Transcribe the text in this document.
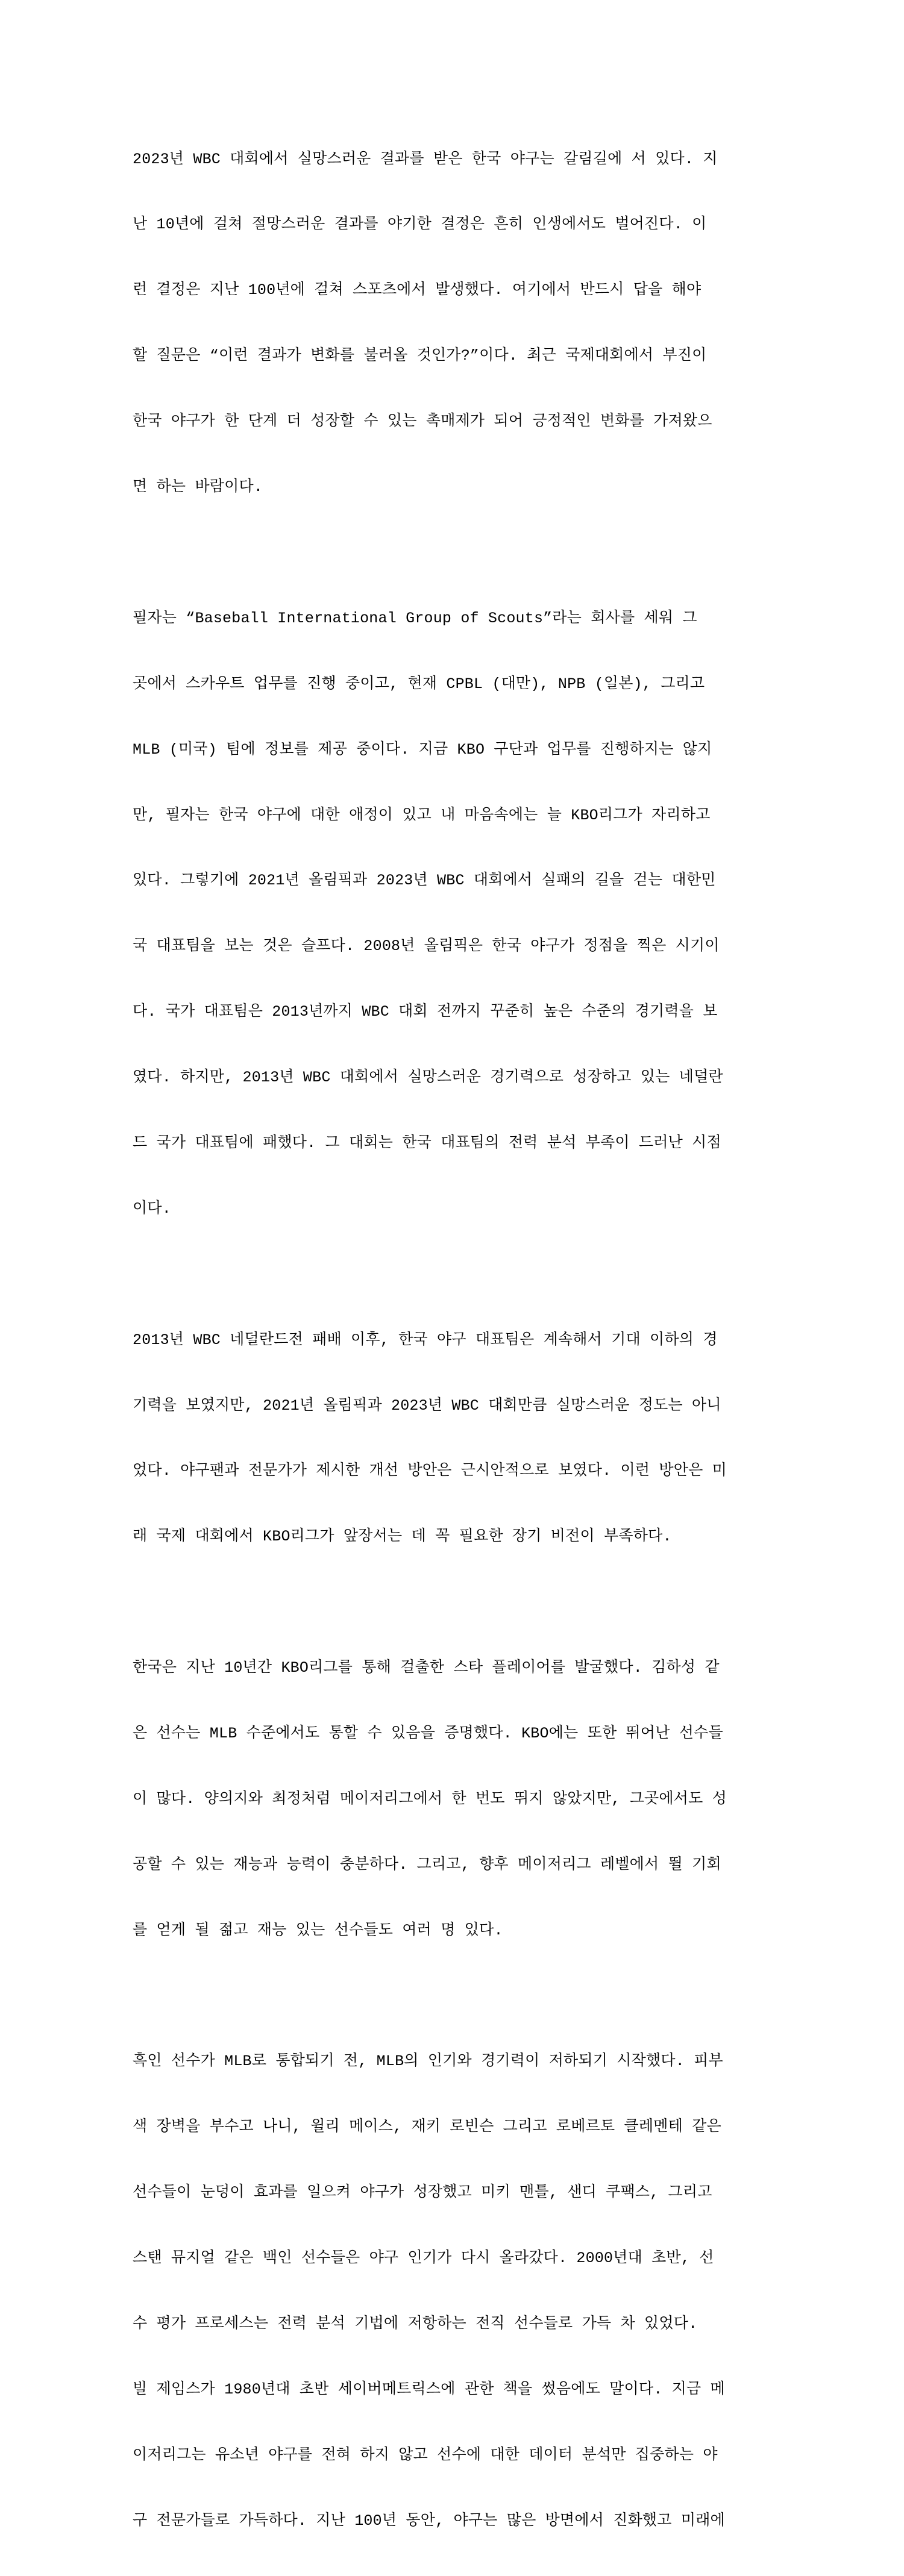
2023년 WBC 대회에서 실망스러운 결과를 받은 한국 야구는 갈림길에 서 있다. 지

난 10년에 걸쳐 절망스러운 결과를 야기한 결정은 흔히 인생에서도 벌어진다. 이

런 결정은 지난 100년에 걸쳐 스포츠에서 발생했다. 여기에서 반드시 답을 해야

할 질문은 “이런 결과가 변화를 불러올 것인가?”이다. 최근 국제대회에서 부진이

한국 야구가 한 단계 더 성장할 수 있는 촉매제가 되어 긍정적인 변화를 가져왔으

면 하는 바람이다.

필자는 “Baseball International Group of Scouts”라는 회사를 세워 그

곳에서 스카우트 업무를 진행 중이고, 현재 CPBL (대만), NPB (일본), 그리고

MLB (미국) 팀에 정보를 제공 중이다. 지금 KBO 구단과 업무를 진행하지는 않지

만, 필자는 한국 야구에 대한 애정이 있고 내 마음속에는 늘 KBO리그가 자리하고

있다. 그렇기에 2021년 올림픽과 2023년 WBC 대회에서 실패의 길을 걷는 대한민

국 대표팀을 보는 것은 슬프다. 2008년 올림픽은 한국 야구가 정점을 찍은 시기이

다. 국가 대표팀은 2013년까지 WBC 대회 전까지 꾸준히 높은 수준의 경기력을 보

였다. 하지만, 2013년 WBC 대회에서 실망스러운 경기력으로 성장하고 있는 네덜란

드 국가 대표팀에 패했다. 그 대회는 한국 대표팀의 전력 분석 부족이 드러난 시점

이다.

2013년 WBC 네덜란드전 패배 이후, 한국 야구 대표팀은 계속해서 기대 이하의 경

기력을 보였지만, 2021년 올림픽과 2023년 WBC 대회만큼 실망스러운 정도는 아니

었다. 야구팬과 전문가가 제시한 개선 방안은 근시안적으로 보였다. 이런 방안은 미

래 국제 대회에서 KBO리그가 앞장서는 데 꼭 필요한 장기 비전이 부족하다.

한국은 지난 10년간 KBO리그를 통해 걸출한 스타 플레이어를 발굴했다. 김하성 같

은 선수는 MLB 수준에서도 통할 수 있음을 증명했다. KBO에는 또한 뛰어난 선수들

이 많다. 양의지와 최정처럼 메이저리그에서 한 번도 뛰지 않았지만, 그곳에서도 성

공할 수 있는 재능과 능력이 충분하다. 그리고, 향후 메이저리그 레벨에서 뛸 기회

를 얻게 될 젊고 재능 있는 선수들도 여러 명 있다.

흑인 선수가 MLB로 통합되기 전, MLB의 인기와 경기력이 저하되기 시작했다. 피부

색 장벽을 부수고 나니, 윌리 메이스, 재키 로빈슨 그리고 로베르토 클레멘테 같은

선수들이 눈덩이 효과를 일으켜 야구가 성장했고 미키 맨틀, 샌디 쿠팩스, 그리고

스탠 뮤지얼 같은 백인 선수들은 야구 인기가 다시 올라갔다. 2000년대 초반, 선

수 평가 프로세스는 전력 분석 기법에 저항하는 전직 선수들로 가득 차 있었다.

빌 제임스가 1980년대 초반 세이버메트릭스에 관한 책을 썼음에도 말이다. 지금 메

이저리그는 유소년 야구를 전혀 하지 않고 선수에 대한 데이터 분석만 집중하는 야

구 전문가들로 가득하다. 지난 100년 동안, 야구는 많은 방면에서 진화했고 미래에
